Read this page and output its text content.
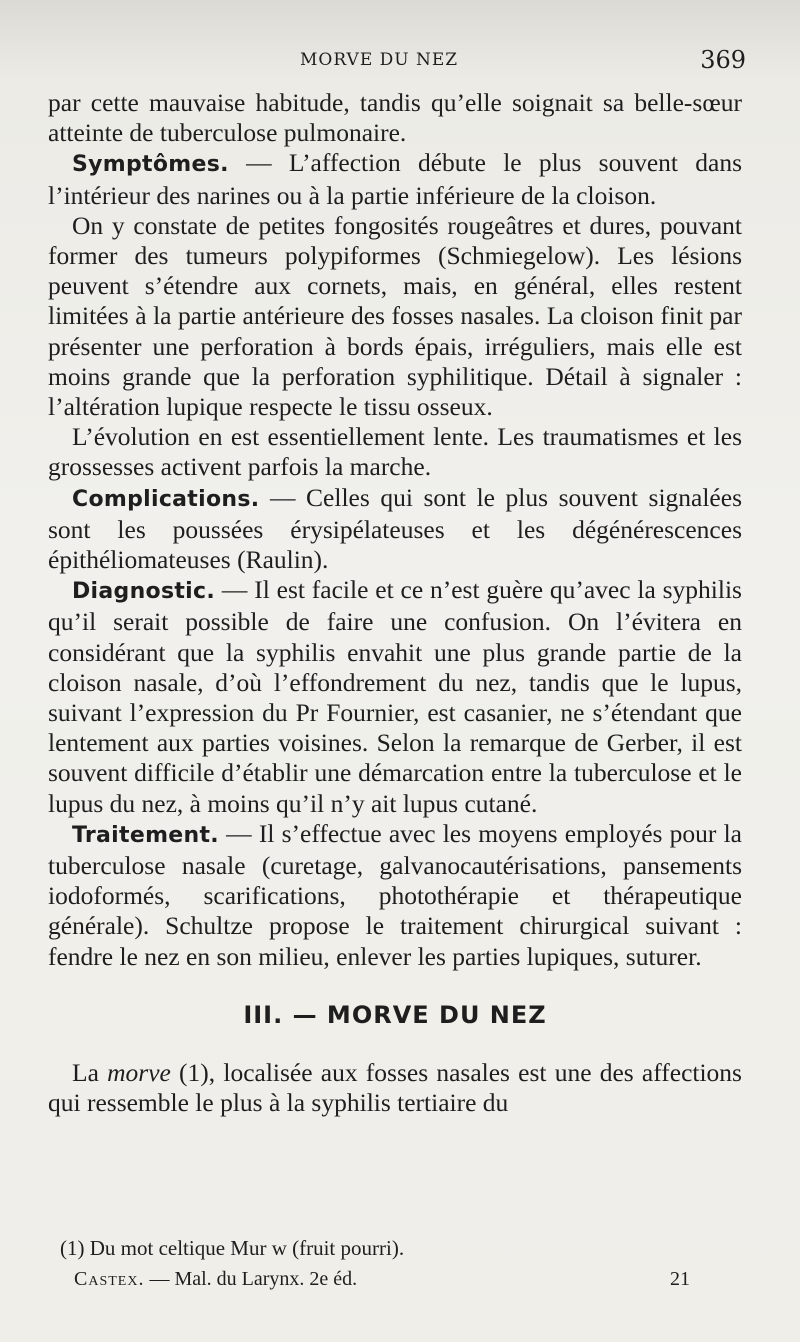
MORVE DU NEZ	369

par cette mauvaise habitude, tandis qu’elle soignait sa belle-sœur atteinte de tuberculose pulmonaire.

Symptômes. — L’affection débute le plus souvent dans l’intérieur des narines ou à la partie inférieure de la cloison.

On y constate de petites fongosités rougeâtres et dures, pouvant former des tumeurs polypiformes (Schmiegelow). Les lésions peuvent s’étendre aux cornets, mais, en général, elles restent limitées à la partie antérieure des fosses nasales. La cloison finit par présenter une perforation à bords épais, irréguliers, mais elle est moins grande que la perforation syphilitique. Détail à signaler : l’altération lupique respecte le tissu osseux.

L’évolution en est essentiellement lente. Les traumatismes et les grossesses activent parfois la marche.

Complications. — Celles qui sont le plus souvent signalées sont les poussées érysipélateuses et les dégénérescences épithéliomateuses (Raulin).

Diagnostic. — Il est facile et ce n’est guère qu’avec la syphilis qu’il serait possible de faire une confusion. On l’évitera en considérant que la syphilis envahit une plus grande partie de la cloison nasale, d’où l’effondrement du nez, tandis que le lupus, suivant l’expression du Pr Fournier, est casanier, ne s’étendant que lentement aux parties voisines. Selon la remarque de Gerber, il est souvent difficile d’établir une démarcation entre la tuberculose et le lupus du nez, à moins qu’il n’y ait lupus cutané.

Traitement. — Il s’effectue avec les moyens employés pour la tuberculose nasale (curetage, galvanocautérisations, pansements iodoformés, scarifications, photothérapie et thérapeutique générale). Schultze propose le traitement chirurgical suivant : fendre le nez en son milieu, enlever les parties lupiques, suturer.

III. — MORVE DU NEZ

La morve (1), localisée aux fosses nasales est une des affections qui ressemble le plus à la syphilis tertiaire du

(1) Du mot celtique Mur w (fruit pourri).
Castex. — Mal. du Larynx. 2e éd.	21
